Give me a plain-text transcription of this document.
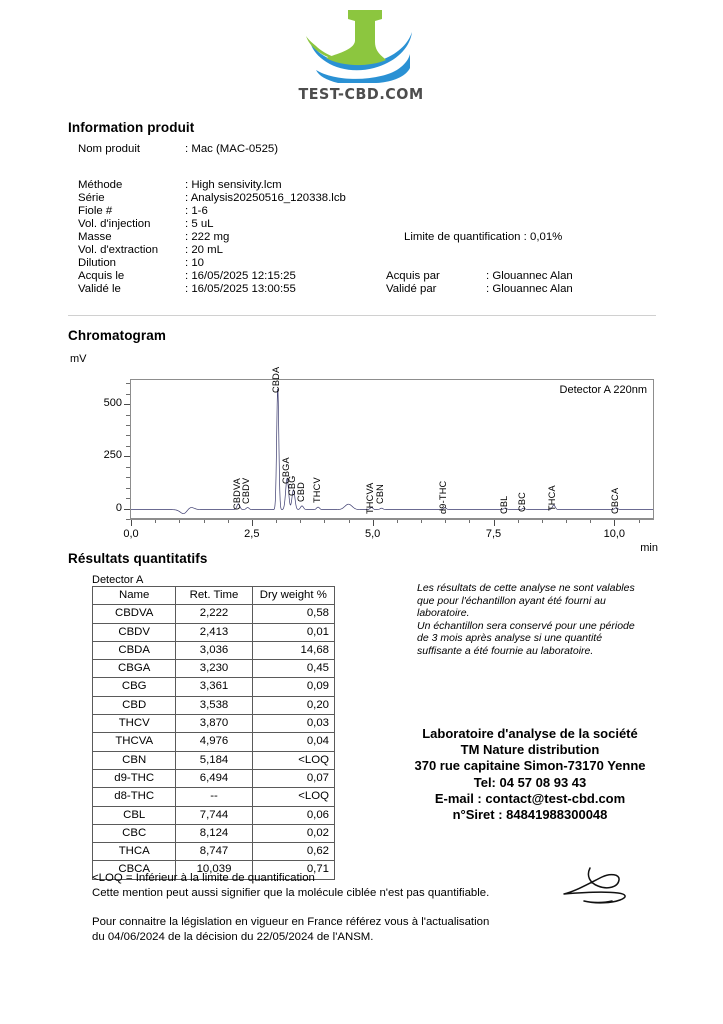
TEST-CBD.COM
Information produit
Nom produit	: Mac (MAC-0525)
Méthode	: High sensivity.lcm
Série	: Analysis20250516_120338.lcb
Fiole #	: 1-6
Vol. d'injection	: 5 uL
Masse	: 222 mg
Vol. d'extraction : 20 mL
Dilution	: 10
Acquis le	: 16/05/2025 12:15:25
Validé le	: 16/05/2025 13:00:55
Limite de quantification : 0,01%
Acquis par	: Glouannec Alan
Validé par	: Glouannec Alan
Chromatogram
mV
Detector A 220nm
0
250
500
0,0	2,5	5,0	7,5	10,0
CBDVA CBDV
CBDA
CBGA
CBG
CBD THCV	THCVA CBN	d9-THC	CBL CBC THCA	CBCA
min
Résultats quantitatifs
Detector A
Name	Ret. Time	Dry weight %
CBDVA	2,222	0,58
CBDV	2,413	0,01
CBDA	3,036	14,68
CBGA	3,230	0,45
CBG	3,361	0,09
CBD	3,538	0,20
THCV	3,870	0,03
THCVA	4,976	0,04
CBN	5,184	<LOQ
d9-THC	6,494	0,07
d8-THC	--	<LOQ
CBL	7,744	0,06
CBC	8,124	0,02
THCA	8,747	0,62
CBCA	10,039	0,71
Les résultats de cette analyse ne sont valables que pour l'échantillon ayant été fourni au laboratoire.
Un échantillon sera conservé pour une période de 3 mois après analyse si une quantité suffisante a été fournie au laboratoire.
Laboratoire d'analyse de la société
TM Nature distribution
370 rue capitaine Simon-73170 Yenne
Tel: 04 57 08 93 43
E-mail : contact@test-cbd.com
n°Siret : 84841988300048
<LOQ = Inférieur à la limite de quantification
Cette mention peut aussi signifier que la molécule ciblée n'est pas quantifiable.
Pour connaitre la législation en vigueur en France référez vous à l'actualisation
du 04/06/2024 de la décision du 22/05/2024 de l'ANSM.
